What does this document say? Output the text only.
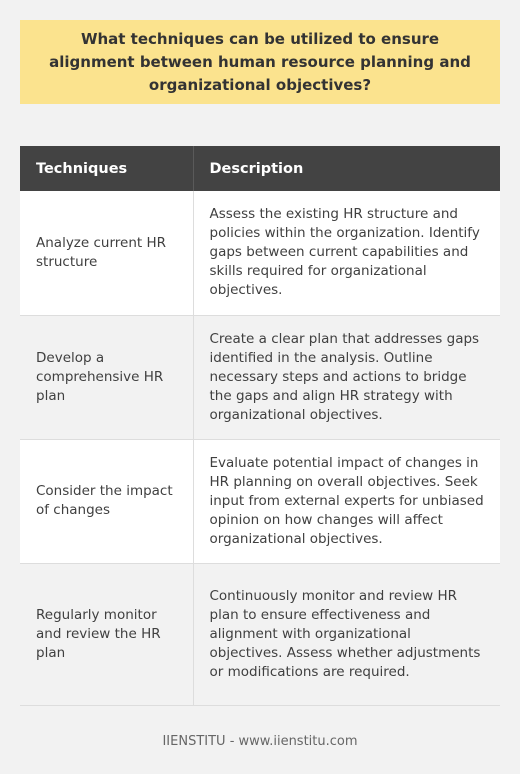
What techniques can be utilized to ensure alignment between human resource planning and organizational objectives?
Techniques	Description
Analyze current HR structure	Assess the existing HR structure and policies within the organization. Identify gaps between current capabilities and skills required for organizational objectives.
Develop a comprehensive HR plan	Create a clear plan that addresses gaps identified in the analysis. Outline necessary steps and actions to bridge the gaps and align HR strategy with organizational objectives.
Consider the impact of changes	Evaluate potential impact of changes in HR planning on overall objectives. Seek input from external experts for unbiased opinion on how changes will affect organizational objectives.
Regularly monitor and review the HR plan	Continuously monitor and review HR plan to ensure effectiveness and alignment with organizational objectives. Assess whether adjustments or modifications are required.
IIENSTITU - www.iienstitu.com
